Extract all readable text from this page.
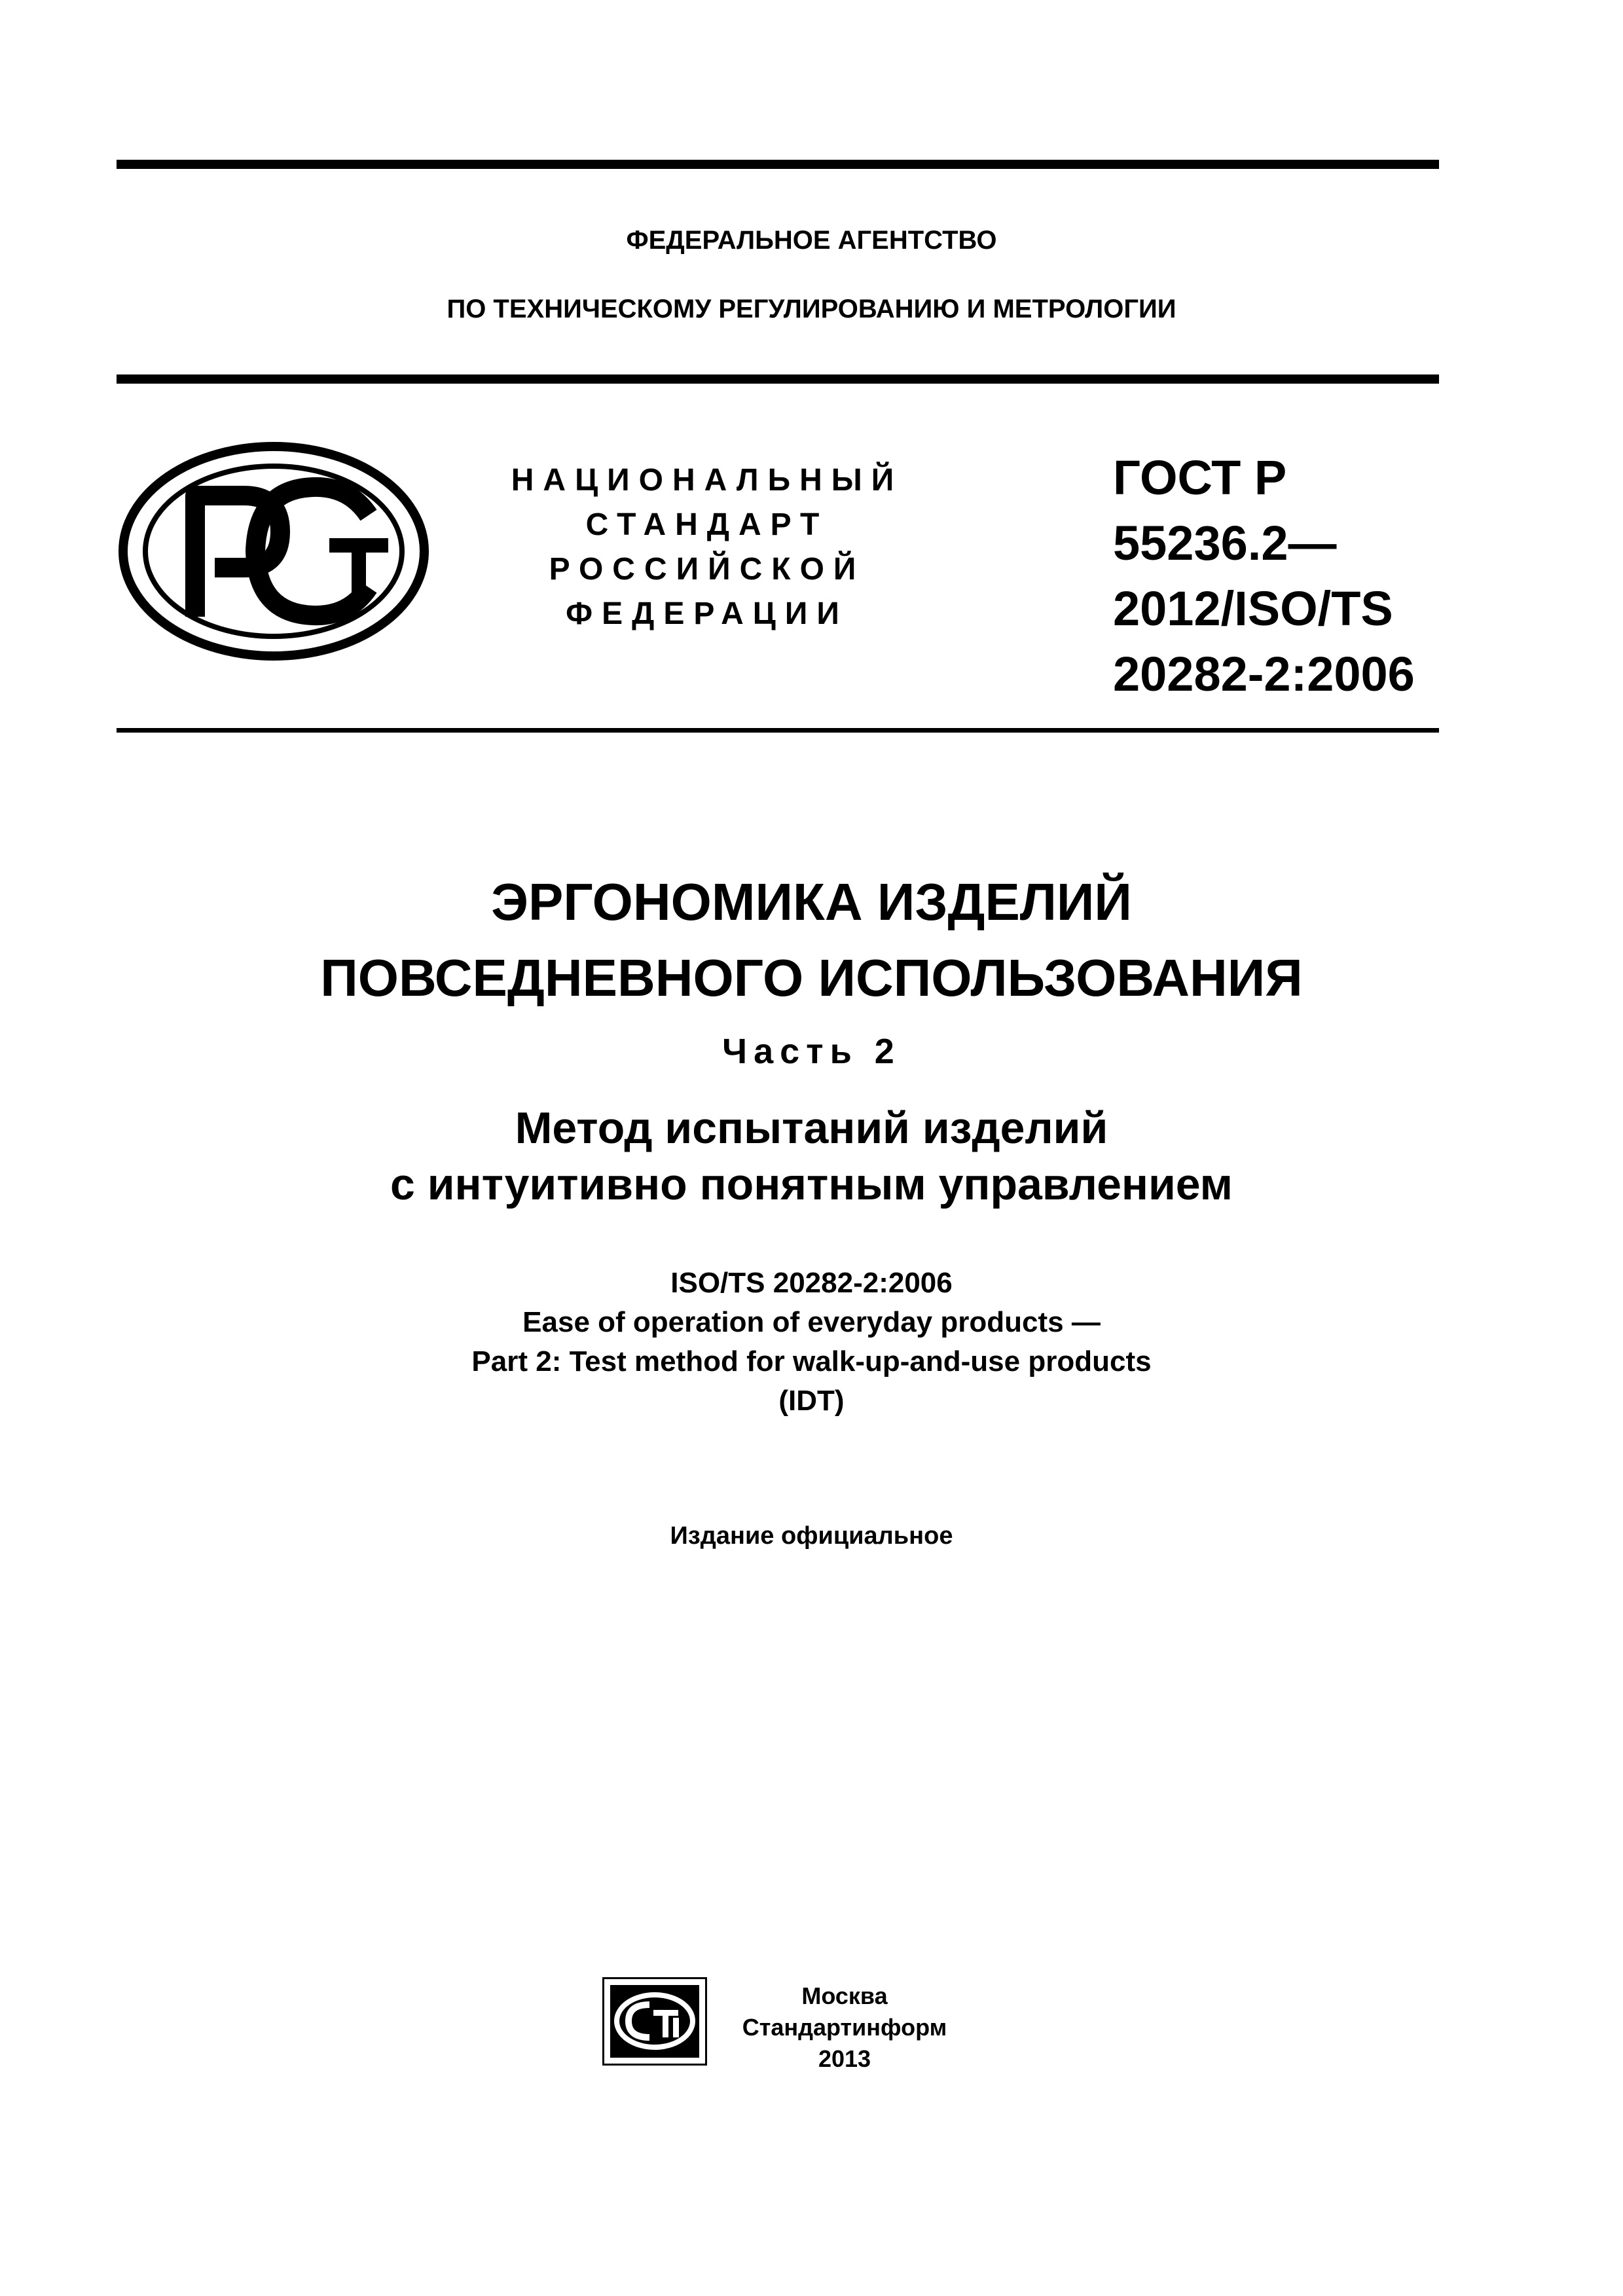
ФЕДЕРАЛЬНОЕ АГЕНТСТВО
ПО ТЕХНИЧЕСКОМУ РЕГУЛИРОВАНИЮ И МЕТРОЛОГИИ
НАЦИОНАЛЬНЫЙ
СТАНДАРТ
РОССИЙСКОЙ
ФЕДЕРАЦИИ
ГОСТ Р
55236.2—
2012/ISO/TS
20282-2:2006
ЭРГОНОМИКА ИЗДЕЛИЙ
ПОВСЕДНЕВНОГО ИСПОЛЬЗОВАНИЯ
Часть 2
Метод испытаний изделий
с интуитивно понятным управлением
ISO/TS 20282-2:2006
Ease of operation of everyday products —
Part 2: Test method for walk-up-and-use products
(IDT)
Издание официальное
Москва
Стандартинформ
2013
